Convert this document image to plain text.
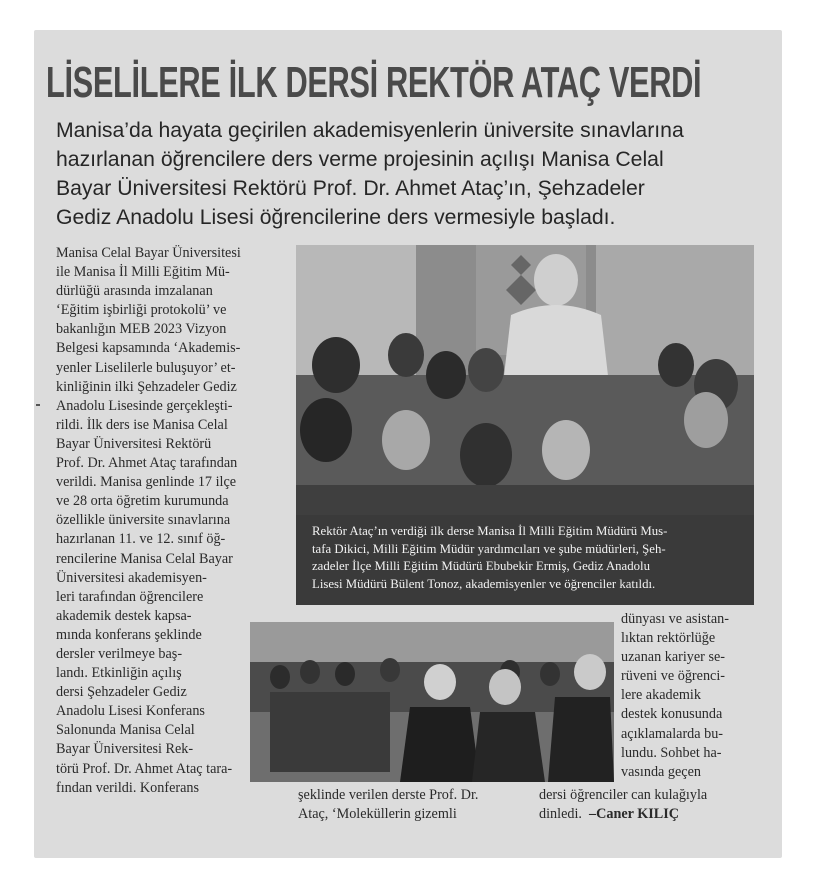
LİSELİLERE İLK DERSİ REKTÖR ATAÇ VERDİ
Manisa’da hayata geçirilen akademisyenlerin üniversite sınavlarına
hazırlanan öğrencilere ders verme projesinin açılışı Manisa Celal
Bayar Üniversitesi Rektörü Prof. Dr. Ahmet Ataç’ın, Şehzadeler
Gediz Anadolu Lisesi öğrencilerine ders vermesiyle başladı.
Manisa Celal Bayar Üniversitesi
ile Manisa İl Milli Eğitim Mü-
dürlüğü arasında imzalanan
‘Eğitim işbirliği protokolü’ ve
bakanlığın MEB 2023 Vizyon
Belgesi kapsamında ‘Akademis-
yenler Liselilerle buluşuyor’ et-
kinliğinin ilki Şehzadeler Gediz
Anadolu Lisesinde gerçekleşti-
rildi. İlk ders ise Manisa Celal
Bayar Üniversitesi Rektörü
Prof. Dr. Ahmet Ataç tarafından
verildi. Manisa genlinde 17 ilçe
ve 28 orta öğretim kurumunda
özellikle üniversite sınavlarına
hazırlanan 11. ve 12. sınıf öğ-
rencilerine Manisa Celal Bayar
Üniversitesi akademisyen-
leri tarafından öğrencilere
akademik destek kapsa-
mında konferans şeklinde
dersler verilmeye baş-
landı. Etkinliğin açılış
dersi Şehzadeler Gediz
Anadolu Lisesi Konferans
Salonunda Manisa Celal
Bayar Üniversitesi Rek-
törü Prof. Dr. Ahmet Ataç tara-
fından verildi. Konferans
Rektör Ataç’ın verdiği ilk derse Manisa İl Milli Eğitim Müdürü Mus-
tafa Dikici, Milli Eğitim Müdür yardımcıları ve şube müdürleri, Şeh-
zadeler İlçe Milli Eğitim Müdürü Ebubekir Ermiş, Gediz Anadolu
Lisesi Müdürü Bülent Tonoz, akademisyenler ve öğrenciler katıldı.
şeklinde verilen derste Prof. Dr.
Ataç, ‘Moleküllerin gizemli
dünyası ve asistan-
lıktan rektörlüğe
uzanan kariyer se-
rüveni ve öğrenci-
lere akademik
destek konusunda
açıklamalarda bu-
lundu. Sohbet ha-
vasında geçen
dersi öğrenciler can kulağıyla
dinledi. –Caner KILIÇ
